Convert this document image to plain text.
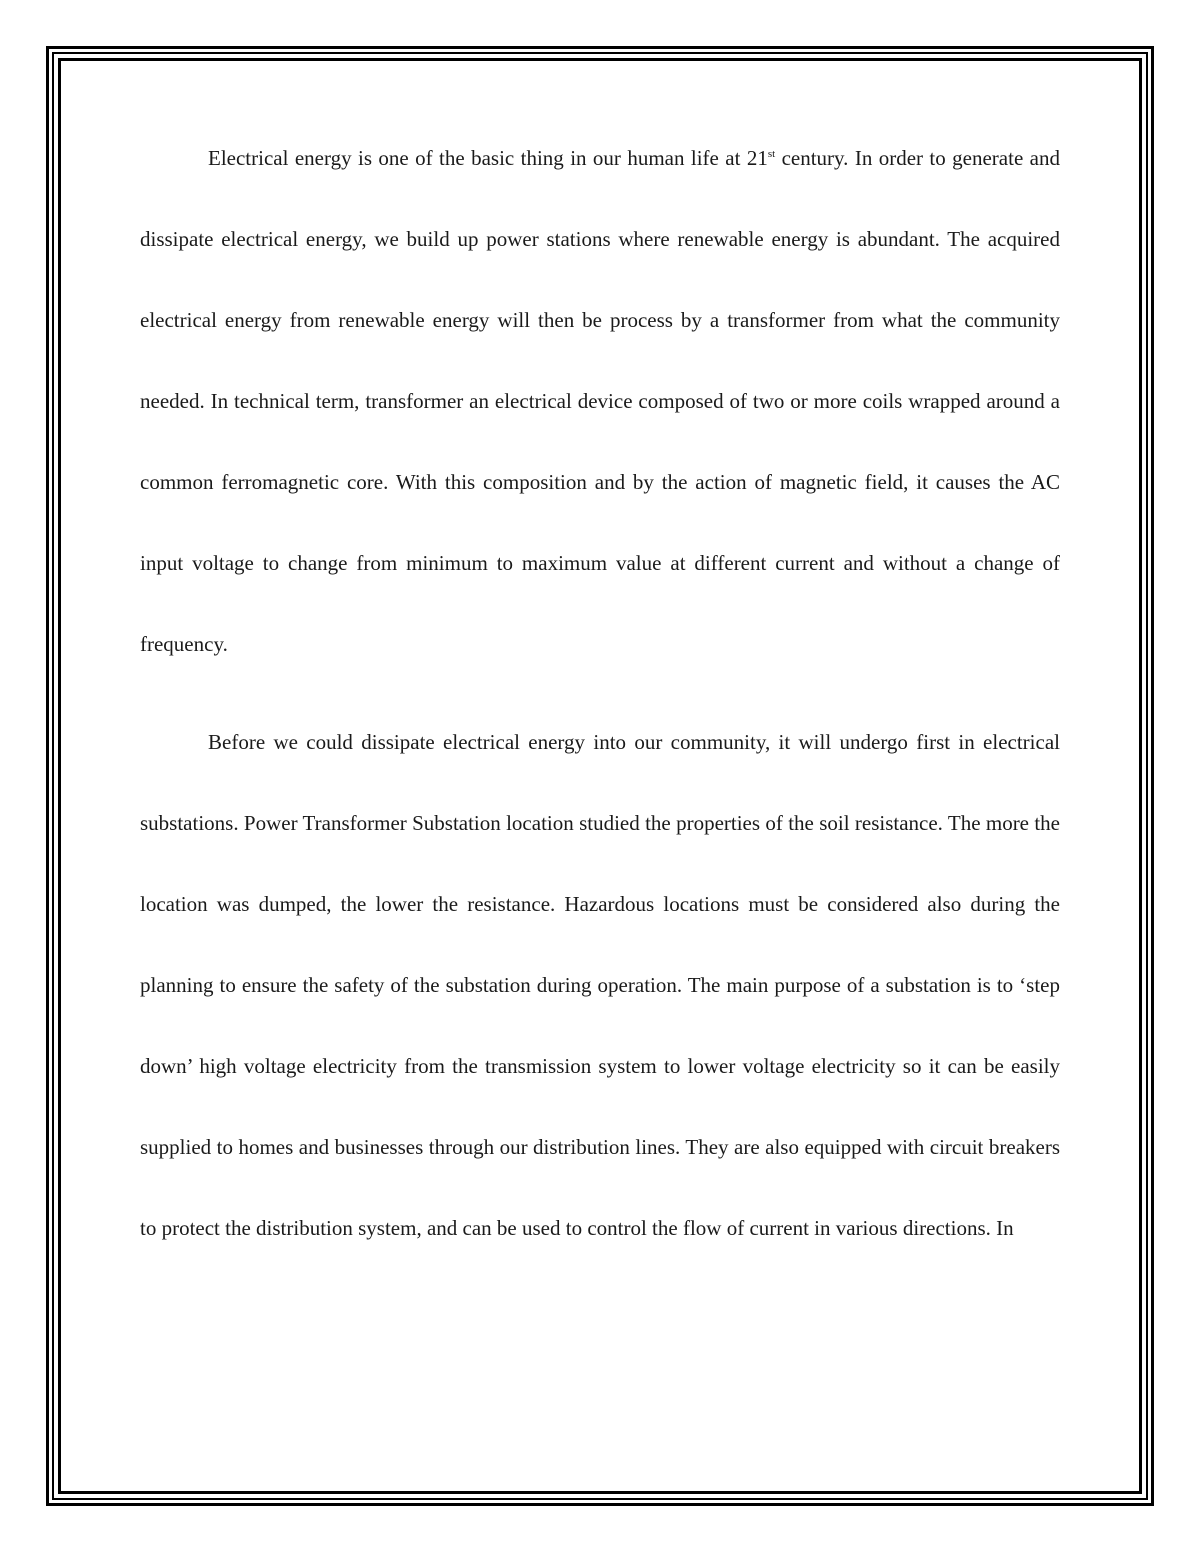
Electrical energy is one of the basic thing in our human life at 21st century. In order to generate and dissipate electrical energy, we build up power stations where renewable energy is abundant. The acquired electrical energy from renewable energy will then be process by a transformer from what the community needed. In technical term, transformer an electrical device composed of two or more coils wrapped around a common ferromagnetic core. With this composition and by the action of magnetic field, it causes the AC input voltage to change from minimum to maximum value at different current and without a change of frequency.

Before we could dissipate electrical energy into our community, it will undergo first in electrical substations. Power Transformer Substation location studied the properties of the soil resistance. The more the location was dumped, the lower the resistance. Hazardous locations must be considered also during the planning to ensure the safety of the substation during operation. The main purpose of a substation is to ‘step down’ high voltage electricity from the transmission system to lower voltage electricity so it can be easily supplied to homes and businesses through our distribution lines. They are also equipped with circuit breakers to protect the distribution system, and can be used to control the flow of current in various directions. In
